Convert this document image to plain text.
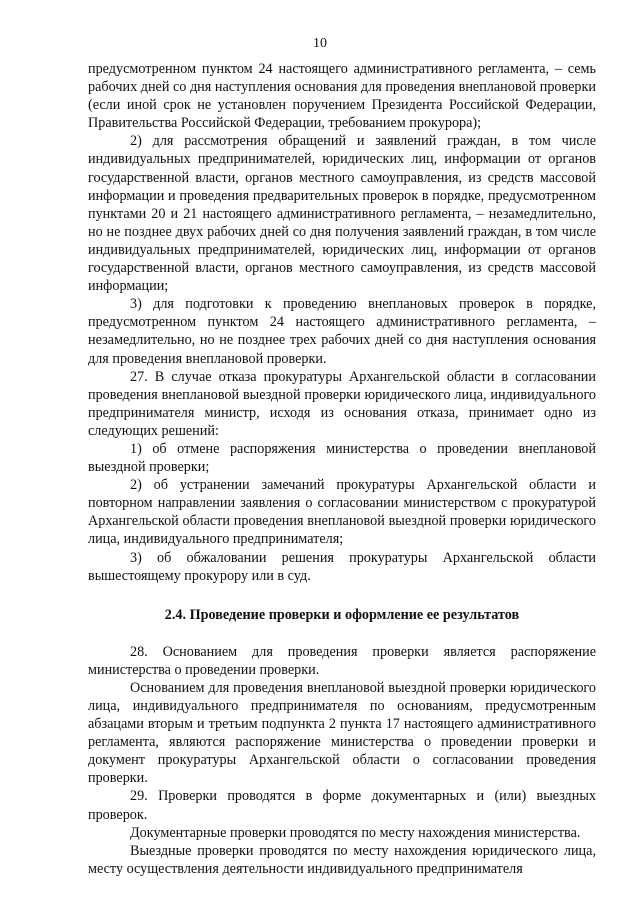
10

предусмотренном пунктом 24 настоящего административного регламента, – семь рабочих дней со дня наступления основания для проведения внеплановой проверки (если иной срок не установлен поручением Президента Российской Федерации, Правительства Российской Федерации, требованием прокурора);

2) для рассмотрения обращений и заявлений граждан, в том числе индивидуальных предпринимателей, юридических лиц, информации от органов государственной власти, органов местного самоуправления, из средств массовой информации и проведения предварительных проверок в порядке, предусмотренном пунктами 20 и 21 настоящего административного регламента, – незамедлительно, но не позднее двух рабочих дней со дня получения заявлений граждан, в том числе индивидуальных предпринимателей, юридических лиц, информации от органов государственной власти, органов местного самоуправления, из средств массовой информации;

3) для подготовки к проведению внеплановых проверок в порядке, предусмотренном пунктом 24 настоящего административного регламента, – незамедлительно, но не позднее трех рабочих дней со дня наступления основания для проведения внеплановой проверки.

27. В случае отказа прокуратуры Архангельской области в согласовании проведения внеплановой выездной проверки юридического лица, индивидуального предпринимателя министр, исходя из основания отказа, принимает одно из следующих решений:

1) об отмене распоряжения министерства о проведении внеплановой выездной проверки;

2) об устранении замечаний прокуратуры Архангельской области и повторном направлении заявления о согласовании министерством с прокуратурой Архангельской области проведения внеплановой выездной проверки юридического лица, индивидуального предпринимателя;

3) об обжаловании решения прокуратуры Архангельской области вышестоящему прокурору или в суд.

2.4. Проведение проверки и оформление ее результатов

28. Основанием для проведения проверки является распоряжение министерства о проведении проверки.

Основанием для проведения внеплановой выездной проверки юридического лица, индивидуального предпринимателя по основаниям, предусмотренным абзацами вторым и третьим подпункта 2 пункта 17 настоящего административного регламента, являются распоряжение министерства о проведении проверки и документ прокуратуры Архангельской области о согласовании проведения проверки.

29. Проверки проводятся в форме документарных и (или) выездных проверок.

Документарные проверки проводятся по месту нахождения министерства.

Выездные проверки проводятся по месту нахождения юридического лица, месту осуществления деятельности индивидуального предпринимателя
